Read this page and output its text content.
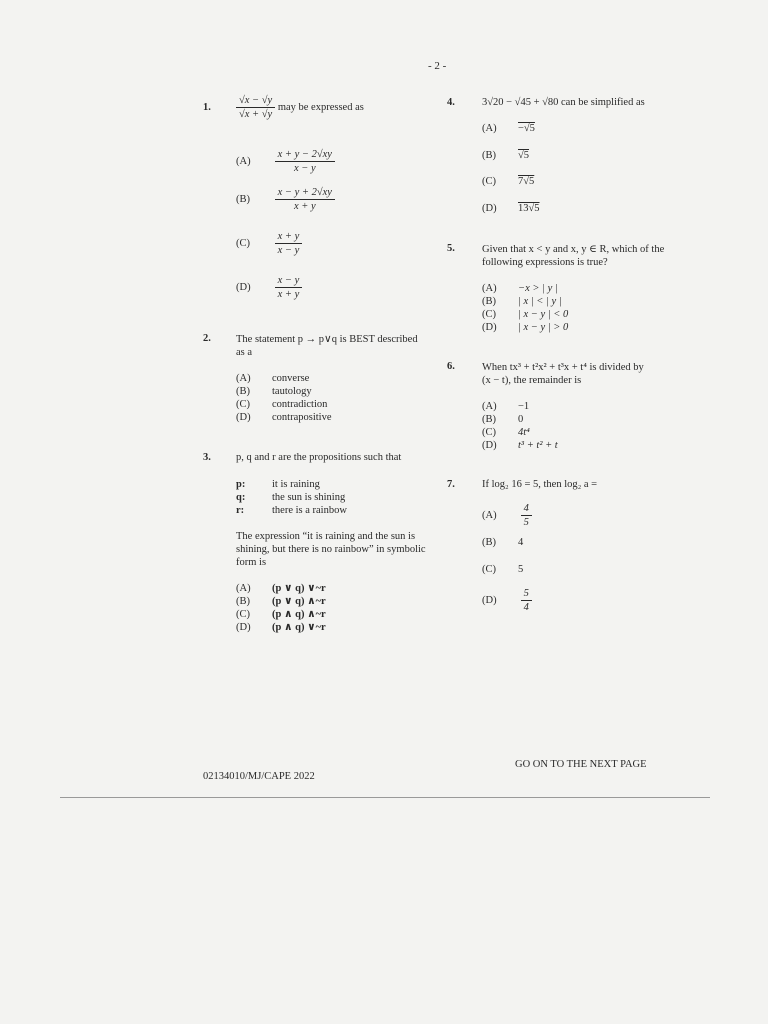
- 2 -
1. $\frac{√x - √y}{√x + √y}$ may be expressed as
$(A) \frac{x + y - 2√xy}{x - y}$
$(B) \frac{x - y + 2√xy}{x + y}$
$(C) \frac{x + y}{x - y}$
$(D) \frac{x - y}{x + y}$
2. The statement p → p∨q is BEST described
as a
(A) converse
(B) tautology
(C) contradiction
(D) contrapositive
3. p, q and r are the propositions such that
p:	it is raining
q:	the sun is shining
r:	there is a rainbow
The expression “it is raining and the sun is
shining, but there is no rainbow” in symbolic
form is
(A) (p ∨ q) ∨~r
(B) (p ∨ q) ∧~r
(C) (p ∧ q) ∧~r
(D) (p ∧ q) ∨~r
4.	3√20 − √45 + √80 can be simplified as
(A) −√5
(B) √5
(C) 7√5
(D) 13√5
5.	Given that x < y and x, y ∈ R, which of the
following expressions is true?
(A) −x > | y |
(B) | x | < | y |
(C) | x − y | < 0
(D) | x − y | > 0
6.	When tx³ + t²x² + t³x + t⁴ is divided by
(x − t), the remainder is
(A) −1
(B) 0
(C) 4t⁴
(D) t³ + t² + t
7.	If log₂ 16 = 5, then log₂ a =
$(A) \frac{4}{5}$
(B) 4
(C) 5
$(D) \frac{5}{4}$
GO ON TO THE NEXT PAGE
02134010/MJ/CAPE 2022
